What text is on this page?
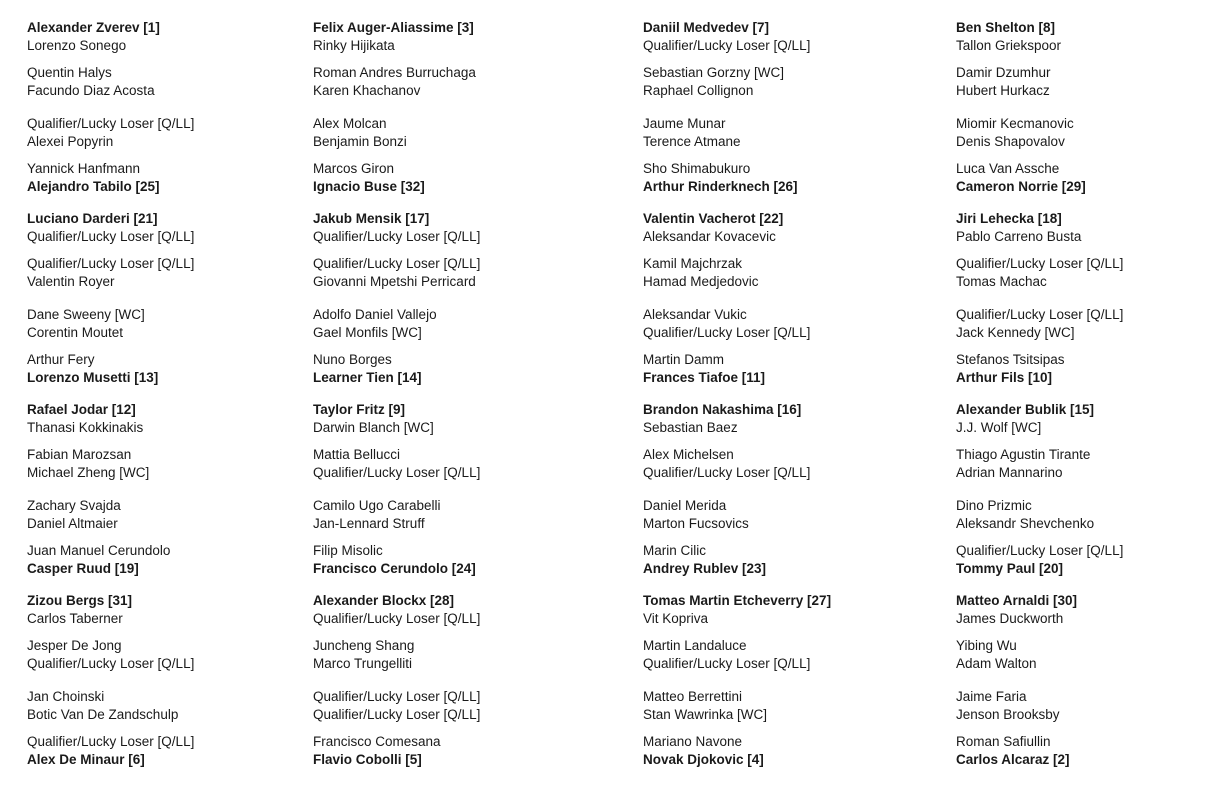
Alexander Zverev [1]
Lorenzo Sonego
Quentin Halys
Facundo Diaz Acosta
Qualifier/Lucky Loser [Q/LL]
Alexei Popyrin
Yannick Hanfmann
Alejandro Tabilo [25]
Luciano Darderi [21]
Qualifier/Lucky Loser [Q/LL]
Qualifier/Lucky Loser [Q/LL]
Valentin Royer
Dane Sweeny [WC]
Corentin Moutet
Arthur Fery
Lorenzo Musetti [13]
Rafael Jodar [12]
Thanasi Kokkinakis
Fabian Marozsan
Michael Zheng [WC]
Zachary Svajda
Daniel Altmaier
Juan Manuel Cerundolo
Casper Ruud [19]
Zizou Bergs [31]
Carlos Taberner
Jesper De Jong
Qualifier/Lucky Loser [Q/LL]
Jan Choinski
Botic Van De Zandschulp
Qualifier/Lucky Loser [Q/LL]
Alex De Minaur [6]
Felix Auger-Aliassime [3]
Rinky Hijikata
Roman Andres Burruchaga
Karen Khachanov
Alex Molcan
Benjamin Bonzi
Marcos Giron
Ignacio Buse [32]
Jakub Mensik [17]
Qualifier/Lucky Loser [Q/LL]
Qualifier/Lucky Loser [Q/LL]
Giovanni Mpetshi Perricard
Adolfo Daniel Vallejo
Gael Monfils [WC]
Nuno Borges
Learner Tien [14]
Taylor Fritz [9]
Darwin Blanch [WC]
Mattia Bellucci
Qualifier/Lucky Loser [Q/LL]
Camilo Ugo Carabelli
Jan-Lennard Struff
Filip Misolic
Francisco Cerundolo [24]
Alexander Blockx [28]
Qualifier/Lucky Loser [Q/LL]
Juncheng Shang
Marco Trungelliti
Qualifier/Lucky Loser [Q/LL]
Qualifier/Lucky Loser [Q/LL]
Francisco Comesana
Flavio Cobolli [5]
Daniil Medvedev [7]
Qualifier/Lucky Loser [Q/LL]
Sebastian Gorzny [WC]
Raphael Collignon
Jaume Munar
Terence Atmane
Sho Shimabukuro
Arthur Rinderknech [26]
Valentin Vacherot [22]
Aleksandar Kovacevic
Kamil Majchrzak
Hamad Medjedovic
Aleksandar Vukic
Qualifier/Lucky Loser [Q/LL]
Martin Damm
Frances Tiafoe [11]
Brandon Nakashima [16]
Sebastian Baez
Alex Michelsen
Qualifier/Lucky Loser [Q/LL]
Daniel Merida
Marton Fucsovics
Marin Cilic
Andrey Rublev [23]
Tomas Martin Etcheverry [27]
Vit Kopriva
Martin Landaluce
Qualifier/Lucky Loser [Q/LL]
Matteo Berrettini
Stan Wawrinka [WC]
Mariano Navone
Novak Djokovic [4]
Ben Shelton [8]
Tallon Griekspoor
Damir Dzumhur
Hubert Hurkacz
Miomir Kecmanovic
Denis Shapovalov
Luca Van Assche
Cameron Norrie [29]
Jiri Lehecka [18]
Pablo Carreno Busta
Qualifier/Lucky Loser [Q/LL]
Tomas Machac
Qualifier/Lucky Loser [Q/LL]
Jack Kennedy [WC]
Stefanos Tsitsipas
Arthur Fils [10]
Alexander Bublik [15]
J.J. Wolf [WC]
Thiago Agustin Tirante
Adrian Mannarino
Dino Prizmic
Aleksandr Shevchenko
Qualifier/Lucky Loser [Q/LL]
Tommy Paul [20]
Matteo Arnaldi [30]
James Duckworth
Yibing Wu
Adam Walton
Jaime Faria
Jenson Brooksby
Roman Safiullin
Carlos Alcaraz [2]
